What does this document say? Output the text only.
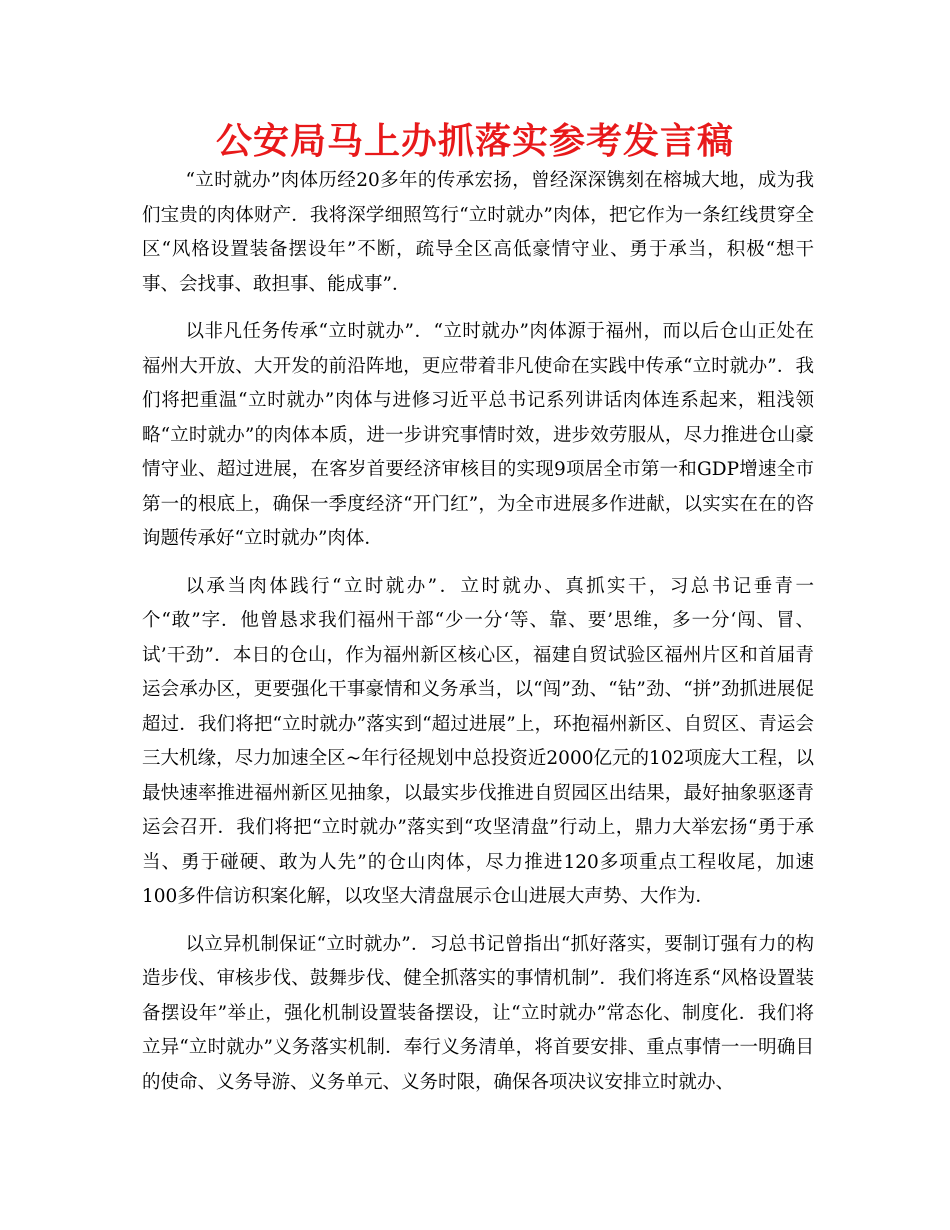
公安局马上办抓落实参考发言稿

“立时就办”肉体历经20多年的传承宏扬，曾经深深镌刻在榕城大地，成为我们宝贵的肉体财产．我将深学细照笃行“立时就办”肉体，把它作为一条红线贯穿全区“风格设置装备摆设年”不断，疏导全区高低豪情守业、勇于承当，积极“想干事、会找事、敢担事、能成事”．

以非凡任务传承“立时就办”．“立时就办”肉体源于福州，而以后仓山正处在福州大开放、大开发的前沿阵地，更应带着非凡使命在实践中传承“立时就办”．我们将把重温“立时就办”肉体与进修习近平总书记系列讲话肉体连系起来，粗浅领略“立时就办”的肉体本质，进一步讲究事情时效，进步效劳服从，尽力推进仓山豪情守业、超过进展，在客岁首要经济审核目的实现9项居全市第一和GDP增速全市第一的根底上，确保一季度经济“开门红”，为全市进展多作进献，以实实在在的咨询题传承好“立时就办”肉体．

以承当肉体践行“立时就办”．立时就办、真抓实干，习总书记垂青一个“敢”字．他曾恳求我们福州干部“少一分‘等、靠、要’思维，多一分‘闯、冒、试’干劲”．本日的仓山，作为福州新区核心区，福建自贸试验区福州片区和首届青运会承办区，更要强化干事豪情和义务承当，以“闯”劲、“钻”劲、“拼”劲抓进展促超过．我们将把“立时就办”落实到“超过进展”上，环抱福州新区、自贸区、青运会三大机缘，尽力加速全区~年行径规划中总投资近2000亿元的102项庞大工程，以最快速率推进福州新区见抽象，以最实步伐推进自贸园区出结果，最好抽象驱逐青运会召开．我们将把“立时就办”落实到“攻坚清盘”行动上，鼎力大举宏扬“勇于承当、勇于碰硬、敢为人先”的仓山肉体，尽力推进120多项重点工程收尾，加速100多件信访积案化解，以攻坚大清盘展示仓山进展大声势、大作为．

以立异机制保证“立时就办”．习总书记曾指出“抓好落实，要制订强有力的构造步伐、审核步伐、鼓舞步伐、健全抓落实的事情机制”．我们将连系“风格设置装备摆设年”举止，强化机制设置装备摆设，让“立时就办”常态化、制度化．我们将立异“立时就办”义务落实机制．奉行义务清单，将首要安排、重点事情一一明确目的使命、义务导游、义务单元、义务时限，确保各项决议安排立时就办、
